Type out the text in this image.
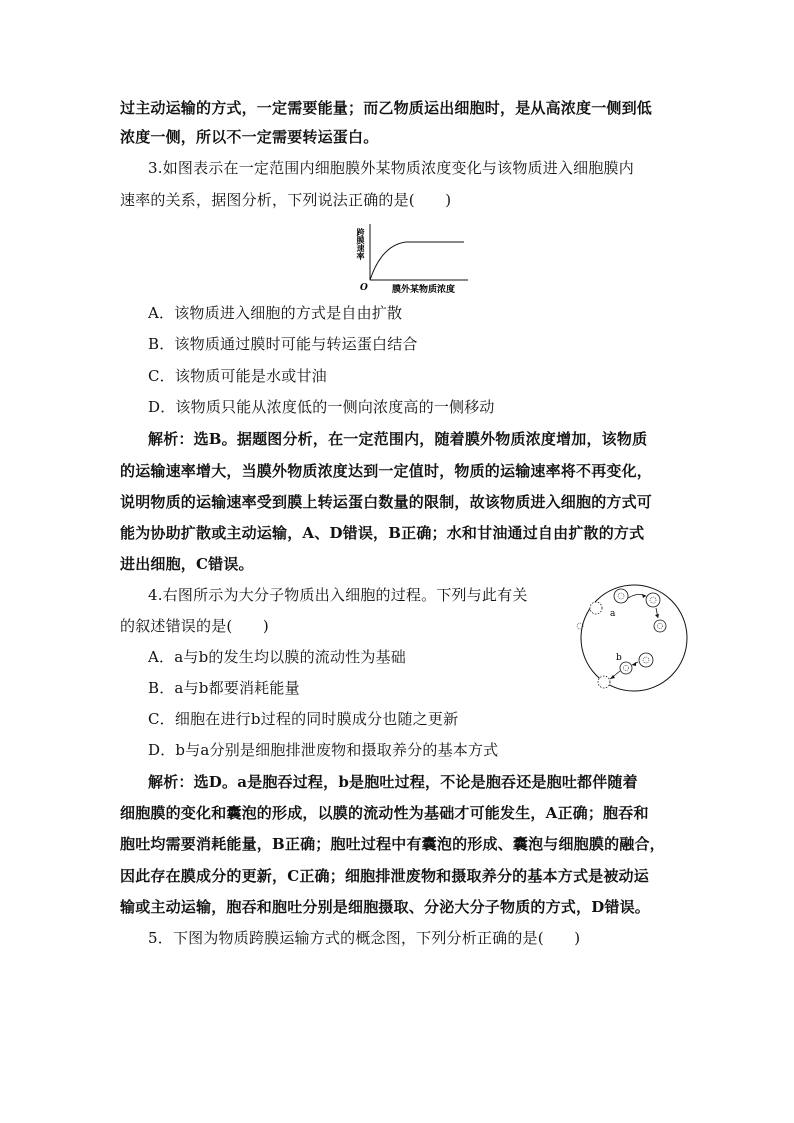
过主动运输的方式，一定需要能量；而乙物质运出细胞时，是从高浓度一侧到低
浓度一侧，所以不一定需要转运蛋白。
3.如图表示在一定范围内细胞膜外某物质浓度变化与该物质进入细胞膜内
速率的关系，据图分析，下列说法正确的是(　　)
跨膜速率
O	膜外某物质浓度
A．该物质进入细胞的方式是自由扩散
B．该物质通过膜时可能与转运蛋白结合
C．该物质可能是水或甘油
D．该物质只能从浓度低的一侧向浓度高的一侧移动
解析：选B。据题图分析，在一定范围内，随着膜外物质浓度增加，该物质
的运输速率增大，当膜外物质浓度达到一定值时，物质的运输速率将不再变化，
说明物质的运输速率受到膜上转运蛋白数量的限制，故该物质进入细胞的方式可
能为协助扩散或主动运输，A、D错误，B正确；水和甘油通过自由扩散的方式
进出细胞，C错误。
4.右图所示为大分子物质出入细胞的过程。下列与此有关
的叙述错误的是(　　)
a
b
A．a与b的发生均以膜的流动性为基础
B．a与b都要消耗能量
C．细胞在进行b过程的同时膜成分也随之更新
D．b与a分别是细胞排泄废物和摄取养分的基本方式
解析：选D。a是胞吞过程，b是胞吐过程，不论是胞吞还是胞吐都伴随着
细胞膜的变化和囊泡的形成，以膜的流动性为基础才可能发生，A正确；胞吞和
胞吐均需要消耗能量，B正确；胞吐过程中有囊泡的形成、囊泡与细胞膜的融合，
因此存在膜成分的更新，C正确；细胞排泄废物和摄取养分的基本方式是被动运
输或主动运输，胞吞和胞吐分别是细胞摄取、分泌大分子物质的方式，D错误。
5．下图为物质跨膜运输方式的概念图，下列分析正确的是(　　)
